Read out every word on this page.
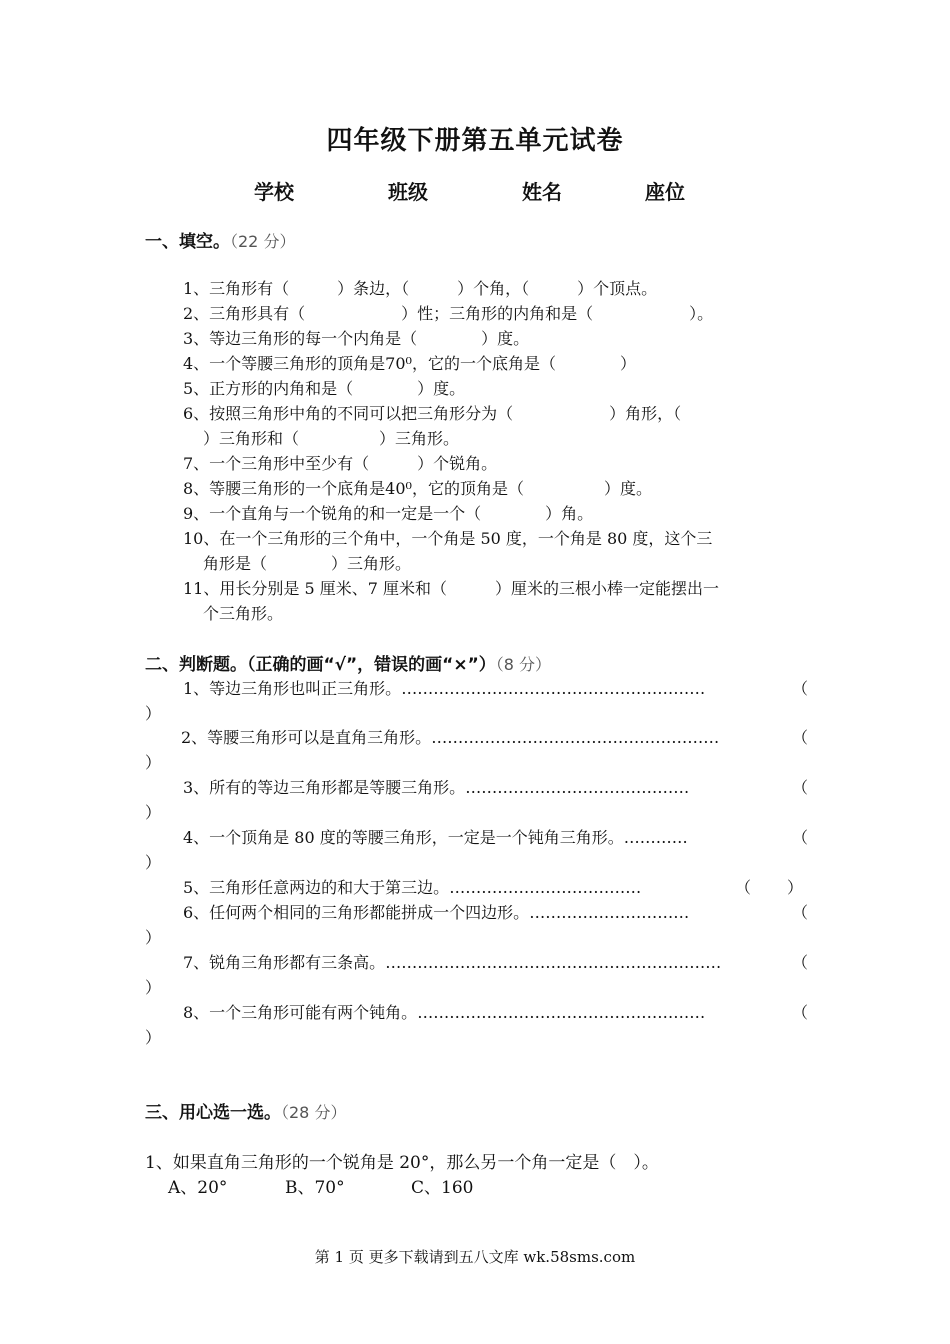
四年级下册第五单元试卷
学校	班级	姓名	座位
一、填空。（22 分）
1、三角形有（　　　）条边，（　　　）个角，（　　　）个顶点。
2、三角形具有（　　　　　　）性；三角形的内角和是（　　　　　　）。
3、等边三角形的每一个内角是（　　　　）度。
4、一个等腰三角形的顶角是70⁰，它的一个底角是（　　　　）
5、正方形的内角和是（　　　　）度。
6、按照三角形中角的不同可以把三角形分为（　　　　　　）角形，（
）三角形和（　　　　　）三角形。
7、一个三角形中至少有（　　　）个锐角。
8、等腰三角形的一个底角是40⁰，它的顶角是（　　　　　）度。
9、一个直角与一个锐角的和一定是一个（　　　　）角。
10、在一个三角形的三个角中，一个角是 50 度，一个角是 80 度，这个三
角形是（　　　　）三角形。
11、用长分别是 5 厘米、7 厘米和（　　　）厘米的三根小棒一定能摆出一
个三角形。
二、判断题。（正确的画“√”，错误的画“×”）（8 分）
1、等边三角形也叫正三角形。…………………………………………………	（
）
2、等腰三角形可以是直角三角形。………………………………………………	（
）
3、所有的等边三角形都是等腰三角形。……………………………………	（
）
4、一个顶角是 80 度的等腰三角形，一定是一个钝角三角形。…………	（
）
5、三角形任意两边的和大于第三边。………………………………	（ ）
6、任何两个相同的三角形都能拼成一个四边形。…………………………	（
）
7、锐角三角形都有三条高。………………………………………………………	（
）
8、一个三角形可能有两个钝角。………………………………………………	（
）
三、用心选一选。（28 分）
1、如果直角三角形的一个锐角是 20°，那么另一个角一定是（　）。
A、20°	B、70°	C、160
第 1 页 更多下载请到五八文库 wk.58sms.com
